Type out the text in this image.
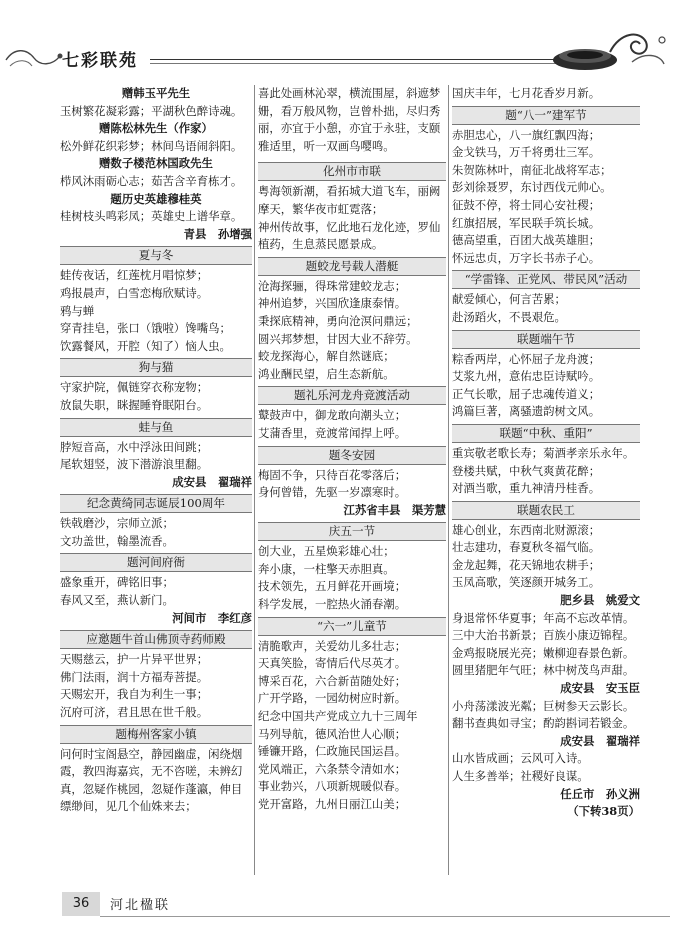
七彩联苑
赠韩玉平先生
玉树繁花凝彩露；平湖秋色醉诗魂。
赠陈松林先生（作家）
松外鲜花织彩梦；林间鸟语闹斜阳。
赠数子楼范林国政先生
栉风沐雨砺心志；茹苦含辛育栋才。
题历史英雄穆桂英
桂树枝头鸣彩凤；英雄史上谱华章。
青县　孙增强
夏与冬
蛙传夜话，红莲枕月唱惊梦；
鸡报晨声，白雪恋梅欣赋诗。
鸦与蝉
穿青挂皂，张口（饿啦）馋嘴鸟；
饮露餐风，开腔（知了）恼人虫。
狗与猫
守家护院，佩链穿衣称宠物；
放鼠失职，眯握睡脊眠阳台。
蛙与鱼
脖短音高，水中浮泳田间跳；
尾软翅竖，波下潜游浪里翻。
成安县　翟瑞祥
纪念黄绮同志诞辰100周年
铁戟磨沙，宗师立派；
文功盖世，翰墨流香。
题河间府衙
盛象重开，碑铭旧事；
春风又至，燕认新门。
河间市　李红彦
应邀题牛首山佛顶寺药师殿
天赐慈云，护一片异平世界；
佛门法雨，润十方福寿菩提。
天赐宏开，我自为利生一事；
沉府可济，君且思在世千般。
题梅州客家小镇
问何时宝阁悬空，静园幽虚，闲绕烟
霞，教四海嘉宾，无不咨嗟，未辨幻
真，忽疑作桃园，忽疑作蓬瀛，伸目
缥缈间，见几个仙姝来去；
喜此处画林沁翠，横流围屋，斜遮梦
姗，看万般风物，岂曾朴拙，尽归秀
丽，亦宜于小憩，亦宜于永驻，支颐
雅适里，听一双画鸟嘤鸣。
化州市市联
粤海领新潮，看拓城大道飞车，丽阙
摩天，繁华夜市虹霓落；
神州传故事，忆此地石龙化迹，罗仙
植药，生息蒸民愿景成。
题蛟龙号载人潜艇
沧海探骊，得珠常建蛟龙志；
神州追梦，兴国欣逢康泰情。
秉探底精神，勇向沧溟问鼎远；
圆兴邦梦想，甘因大业不辞劳。
蛟龙探海心，解自然谜底；
鸿业酬民望，启生态新航。
题礼乐河龙舟竞渡活动
鼙鼓声中，御龙敢向潮头立；
艾蒲香里，竞渡常闻捍上呼。
题冬安园
梅固不争，只待百花零落后；
身何曾错，先驱一岁凛寒时。
江苏省丰县　渠芳慧
庆五一节
创大业，五星焕彩雄心壮；
奔小康，一柱擎天赤胆真。
技术领先，五月鲜花开画境；
科学发展，一腔热火涌春潮。
“六一”儿童节
清脆歌声，关爱幼儿多壮志；
天真笑脸，寄情后代尽英才。
博采百花，六合新苗随处好；
广开学路，一园幼树应时新。
纪念中国共产党成立九十三周年
马列导航，德风治世人心顺；
锤镰开路，仁政施民国运昌。
党风端正，六条禁令清如水；
事业勃兴，八项新规暖似春。
党开富路，九州日丽江山美；
国庆丰年，七月花香岁月新。
题“八一”建军节
赤胆忠心，八一旗红飘四海；
金戈铁马，万千将勇壮三军。
朱贺陈林叶，南征北战将军志；
彭刘徐聂罗，东讨西伐元帅心。
征鼓不停，将士同心安社稷；
红旗招展，军民联手筑长城。
德高望重，百团大战英雄胆；
怀远忠贞，万字长书赤子心。
“学雷锋、正党风、带民风”活动
献爱倾心，何言苦累；
赴汤蹈火，不畏艰危。
联题端午节
粽香两岸，心怀屈子龙舟渡；
艾浆九州，意佑忠臣诗赋吟。
正气长歌，屈子忠魂传道义；
鸿篇巨著，离骚遗韵树文风。
联题“中秋、重阳”
重宾敬老歌长寿；菊酒孝亲乐永年。
登楼共赋，中秋气爽黄花醉；
对酒当歌，重九神清丹桂香。
联题农民工
雄心创业，东西南北财源滚；
壮志建功，春夏秋冬福气临。
金龙起舞，花天锦地农耕手；
玉凤高歌，笑逐颜开城务工。
肥乡县　姚爱文
身退常怀华夏事；年高不忘改革情。
三中大治书新景；百族小康迈锦程。
金鸡报晓展光亮；嫩柳迎春景色新。
圆里猪肥年气旺；林中树茂鸟声甜。
成安县　安玉臣
小舟荡漾波光粼；巨树参天云影长。
翻书查典如寻宝；酌韵斟词若锻金。
成安县　翟瑞祥
山水皆成画；云风可入诗。
人生多善举；社稷好良谋。
任丘市　孙义洲
（下转38页）
36	河北楹联
